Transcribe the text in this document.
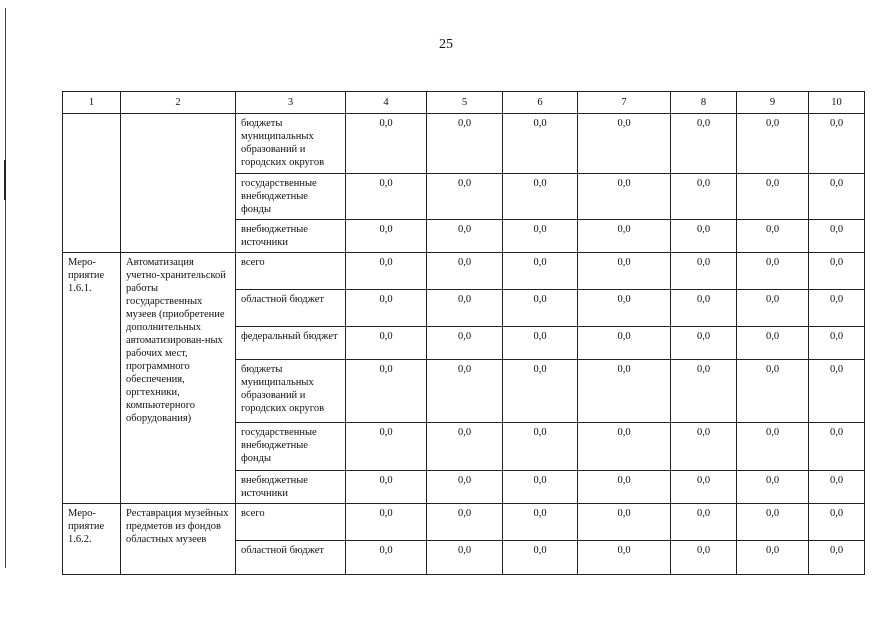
25
1	2	3	4	5	6	7	8	9	10
		бюджеты муниципальных образований и городских округов	0,0	0,0	0,0	0,0	0,0	0,0	0,0
		государственные внебюджетные фонды	0,0	0,0	0,0	0,0	0,0	0,0	0,0
		внебюджетные источники	0,0	0,0	0,0	0,0	0,0	0,0	0,0
Меро-приятие 1.6.1.	Автоматизация учетно-хранительской работы государственных музеев (приобретение дополнительных автоматизирован-ных рабочих мест, программного обеспечения, оргтехники, компьютерного оборудования)	всего	0,0	0,0	0,0	0,0	0,0	0,0	0,0
		областной бюджет	0,0	0,0	0,0	0,0	0,0	0,0	0,0
		федеральный бюджет	0,0	0,0	0,0	0,0	0,0	0,0	0,0
		бюджеты муниципальных образований и городских округов	0,0	0,0	0,0	0,0	0,0	0,0	0,0
		государственные внебюджетные фонды	0,0	0,0	0,0	0,0	0,0	0,0	0,0
		внебюджетные источники	0,0	0,0	0,0	0,0	0,0	0,0	0,0
Меро-приятие 1.6.2.	Реставрация музейных предметов из фондов областных музеев	всего	0,0	0,0	0,0	0,0	0,0	0,0	0,0
		областной бюджет	0,0	0,0	0,0	0,0	0,0	0,0	0,0
